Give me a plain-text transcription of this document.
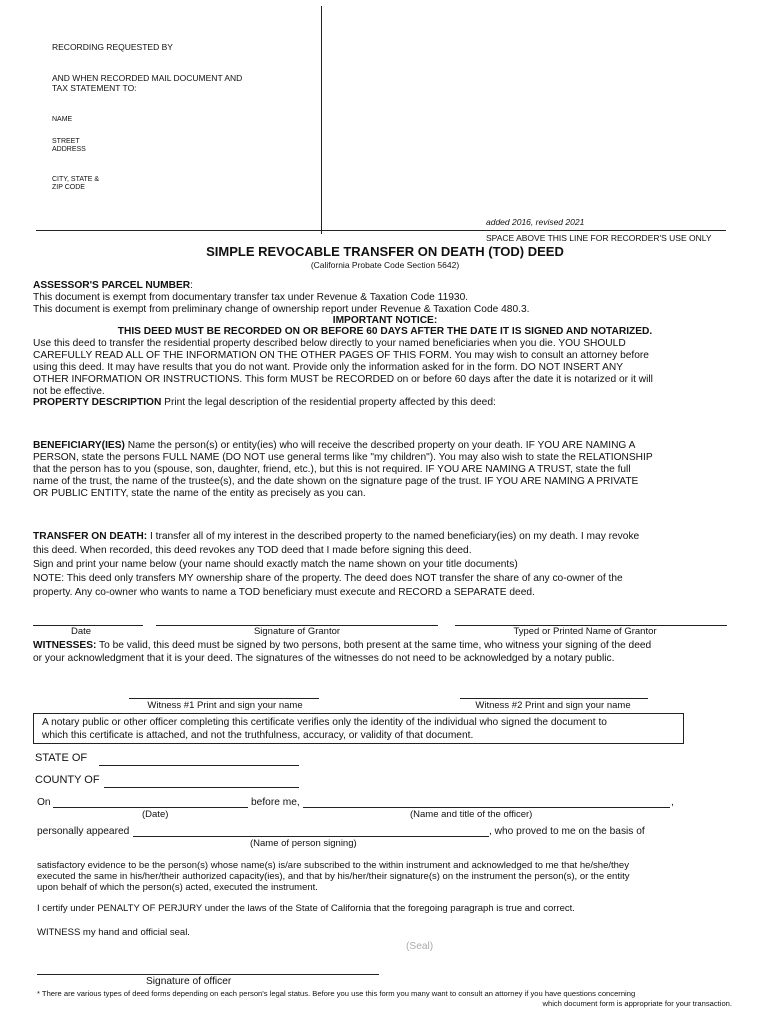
RECORDING REQUESTED BY
AND WHEN RECORDED MAIL DOCUMENT AND
TAX STATEMENT TO:
NAME
STREET
ADDRESS
CITY, STATE &
ZIP CODE
added 2016, revised 2021
SPACE ABOVE THIS LINE FOR RECORDER'S USE ONLY
SIMPLE REVOCABLE TRANSFER ON DEATH (TOD) DEED
(California Probate Code Section 5642)
ASSESSOR'S PARCEL NUMBER:
This document is exempt from documentary transfer tax under Revenue & Taxation Code 11930.
This document is exempt from preliminary change of ownership report under Revenue & Taxation Code 480.3.
IMPORTANT NOTICE:
THIS DEED MUST BE RECORDED ON OR BEFORE 60 DAYS AFTER THE DATE IT IS SIGNED AND NOTARIZED.
Use this deed to transfer the residential property described below directly to your named beneficiaries when you die. YOU SHOULD
CAREFULLY READ ALL OF THE INFORMATION ON THE OTHER PAGES OF THIS FORM. You may wish to consult an attorney before
using this deed. It may have results that you do not want. Provide only the information asked for in the form. DO NOT INSERT ANY
OTHER INFORMATION OR INSTRUCTIONS. This form MUST be RECORDED on or before 60 days after the date it is notarized or it will
not be effective.
PROPERTY DESCRIPTION Print the legal description of the residential property affected by this deed:
BENEFICIARY(IES) Name the person(s) or entity(ies) who will receive the described property on your death. IF YOU ARE NAMING A
PERSON, state the persons FULL NAME (DO NOT use general terms like "my children"). You may also wish to state the RELATIONSHIP
that the person has to you (spouse, son, daughter, friend, etc.), but this is not required. IF YOU ARE NAMING A TRUST, state the full
name of the trust, the name of the trustee(s), and the date shown on the signature page of the trust. IF YOU ARE NAMING A PRIVATE
OR PUBLIC ENTITY, state the name of the entity as precisely as you can.
TRANSFER ON DEATH: I transfer all of my interest in the described property to the named beneficiary(ies) on my death. I may revoke
this deed. When recorded, this deed revokes any TOD deed that I made before signing this deed.
Sign and print your name below (your name should exactly match the name shown on your title documents)
NOTE: This deed only transfers MY ownership share of the property. The deed does NOT transfer the share of any co-owner of the
property. Any co-owner who wants to name a TOD beneficiary must execute and RECORD a SEPARATE deed.
Date	Signature of Grantor	Typed or Printed Name of Grantor
WITNESSES: To be valid, this deed must be signed by two persons, both present at the same time, who witness your signing of the deed
or your acknowledgment that it is your deed. The signatures of the witnesses do not need to be acknowledged by a notary public.
Witness #1 Print and sign your name	Witness #2 Print and sign your name
A notary public or other officer completing this certificate verifies only the identity of the individual who signed the document to
which this certificate is attached, and not the truthfulness, accuracy, or validity of that document.
STATE OF
COUNTY OF
On	before me,	,
(Date)	(Name and title of the officer)
personally appeared	, who proved to me on the basis of
(Name of person signing)
satisfactory evidence to be the person(s) whose name(s) is/are subscribed to the within instrument and acknowledged to me that he/she/they
executed the same in his/her/their authorized capacity(ies), and that by his/her/their signature(s) on the instrument the person(s), or the entity
upon behalf of which the person(s) acted, executed the instrument.
I certify under PENALTY OF PERJURY under the laws of the State of California that the foregoing paragraph is true and correct.
WITNESS my hand and official seal.
(Seal)
Signature of officer
* There are various types of deed forms depending on each person's legal status. Before you use this form you many want to consult an attorney if you have questions concerning
which document form is appropriate for your transaction.
